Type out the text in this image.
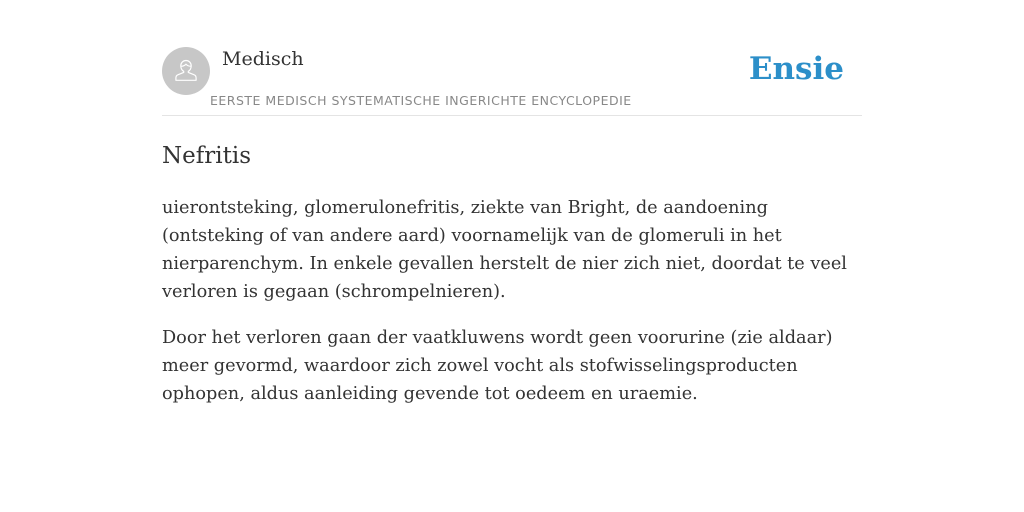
Medisch
EERSTE MEDISCH SYSTEMATISCHE INGERICHTE ENCYCLOPEDIE
Ensie
Nefritis

uierontsteking, glomerulonefritis, ziekte van Bright, de aandoening (ontsteking of van andere aard) voornamelijk van de glomeruli in het nierparenchym. In enkele gevallen herstelt de nier zich niet, doordat te veel verloren is gegaan (schrompelnieren).

Door het verloren gaan der vaatkluwens wordt geen voorurine (zie aldaar) meer gevormd, waardoor zich zowel vocht als stofwisselingsproducten ophopen, aldus aanleiding gevende tot oedeem en uraemie.
